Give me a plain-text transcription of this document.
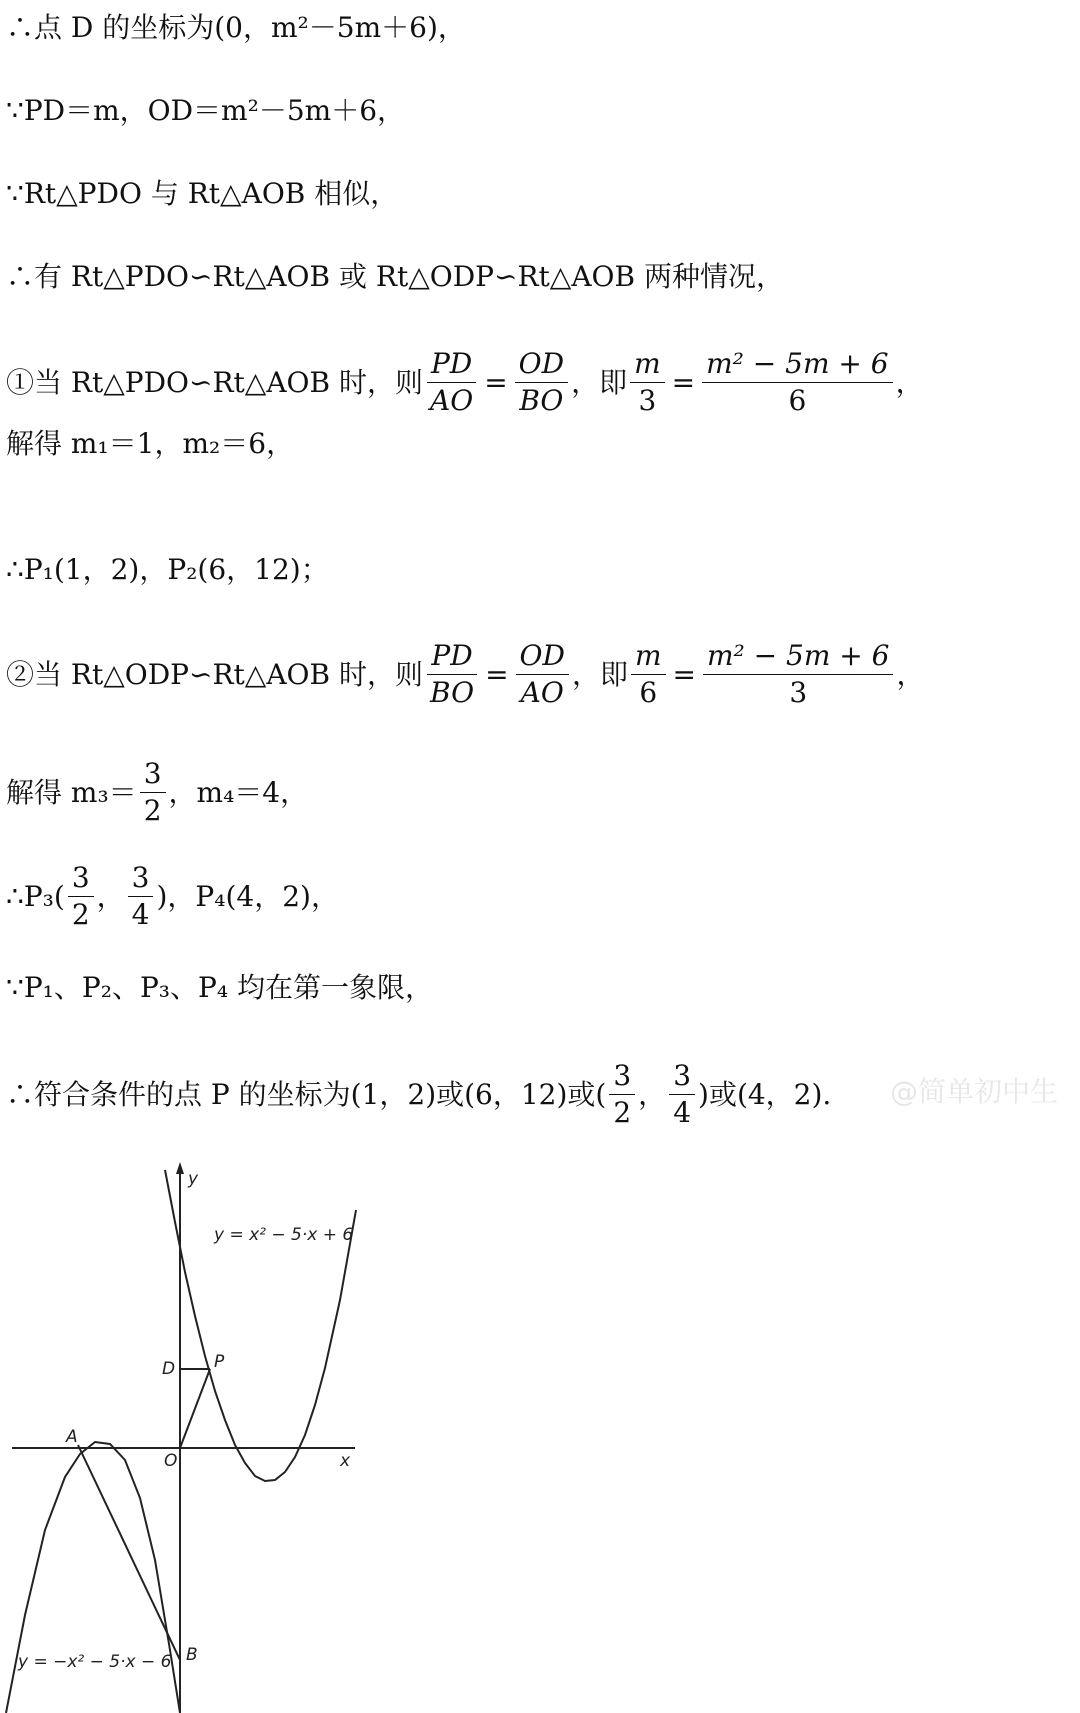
∴点 D 的坐标为(0，m²－5m＋6)，
∵PD＝m，OD＝m²－5m＋6，
∵Rt△PDO 与 Rt△AOB 相似，
∴有 Rt△PDO∽Rt△AOB 或 Rt△ODP∽Rt△AOB 两种情况，
①当 Rt△PDO∽Rt△AOB 时，则 $\frac{PD}{AO} = \frac{OD}{BO}$ ，即 $\frac{m}{3} = \frac{\text{m² − 5m + 6}}{6}$ ，
解得 m₁＝1，m₂＝6，
∴P₁(1，2)，P₂(6，12)；
②当 Rt△ODP∽Rt△AOB 时，则 $\frac{PD}{BO} = \frac{OD}{AO}$ ，即 $\frac{m}{6} = \frac{\text{m² − 5m + 6}}{3}$ ，
解得 $m_3= \frac{3}{2}$ ，m₄＝4，
∴P₃( $\frac{3}{2}$ ， $\frac{3}{4}$ )，P₄(4，2)，
∵P₁、P₂、P₃、P₄ 均在第一象限，
∴符合条件的点 P 的坐标为(1，2)或(6，12)或( $\frac{3}{2}$ ， $\frac{3}{4}$ )或(4，2). @简单初中生
y
x
O
A
B
D P
y = x² − 5·x + 6
y = −x² − 5·x − 6
